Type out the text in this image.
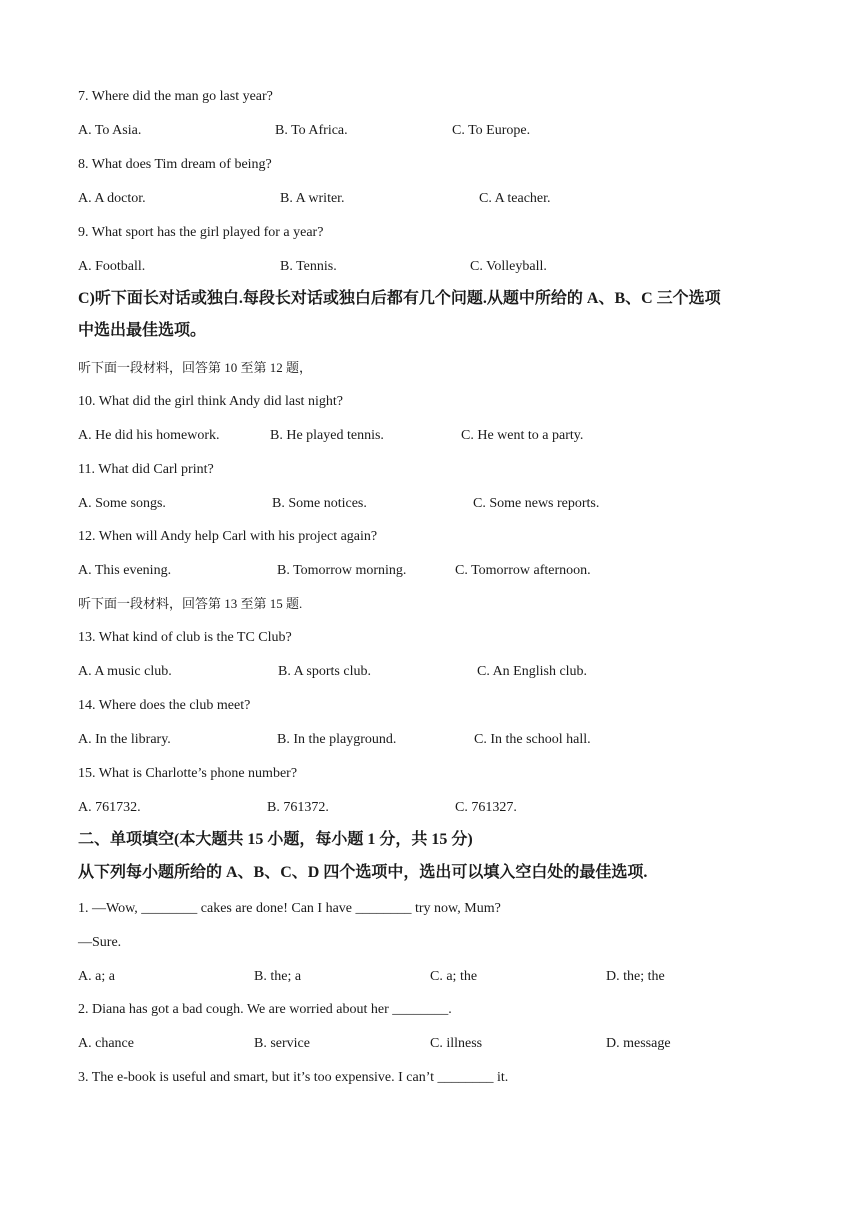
7. Where did the man go last year?
A. To Asia.	B. To Africa.	C. To Europe.
8. What does Tim dream of being?
A. A doctor.	B. A writer.	C. A teacher.
9. What sport has the girl played for a year?
A. Football.	B. Tennis.	C. Volleyball.
C)听下面长对话或独白.每段长对话或独白后都有几个问题.从题中所给的 A、B、C 三个选项
中选出最佳选项。
听下面一段材料，回答第 10 至第 12 题，
10. What did the girl think Andy did last night?
A. He did his homework.	B. He played tennis.	C. He went to a party.
11. What did Carl print?
A. Some songs.	B. Some notices.	C. Some news reports.
12. When will Andy help Carl with his project again?
A. This evening.	B. Tomorrow morning.	C. Tomorrow afternoon.
听下面一段材料，回答第 13 至第 15 题.
13. What kind of club is the TC Club?
A. A music club.	B. A sports club.	C. An English club.
14. Where does the club meet?
A. In the library.	B. In the playground.	C. In the school hall.
15. What is Charlotte’s phone number?
A. 761732.	B. 761372.	C. 761327.
二、单项填空(本大题共 15 小题，每小题 1 分，共 15 分)
从下列每小题所给的 A、B、C、D 四个选项中，选出可以填入空白处的最佳选项.
1. —Wow, ________ cakes are done! Can I have ________ try now, Mum?
—Sure.
A. a; a	B. the; a	C. a; the	D. the; the
2. Diana has got a bad cough. We are worried about her ________.
A. chance	B. service	C. illness	D. message
3. The e-book is useful and smart, but it’s too expensive. I can’t ________ it.
